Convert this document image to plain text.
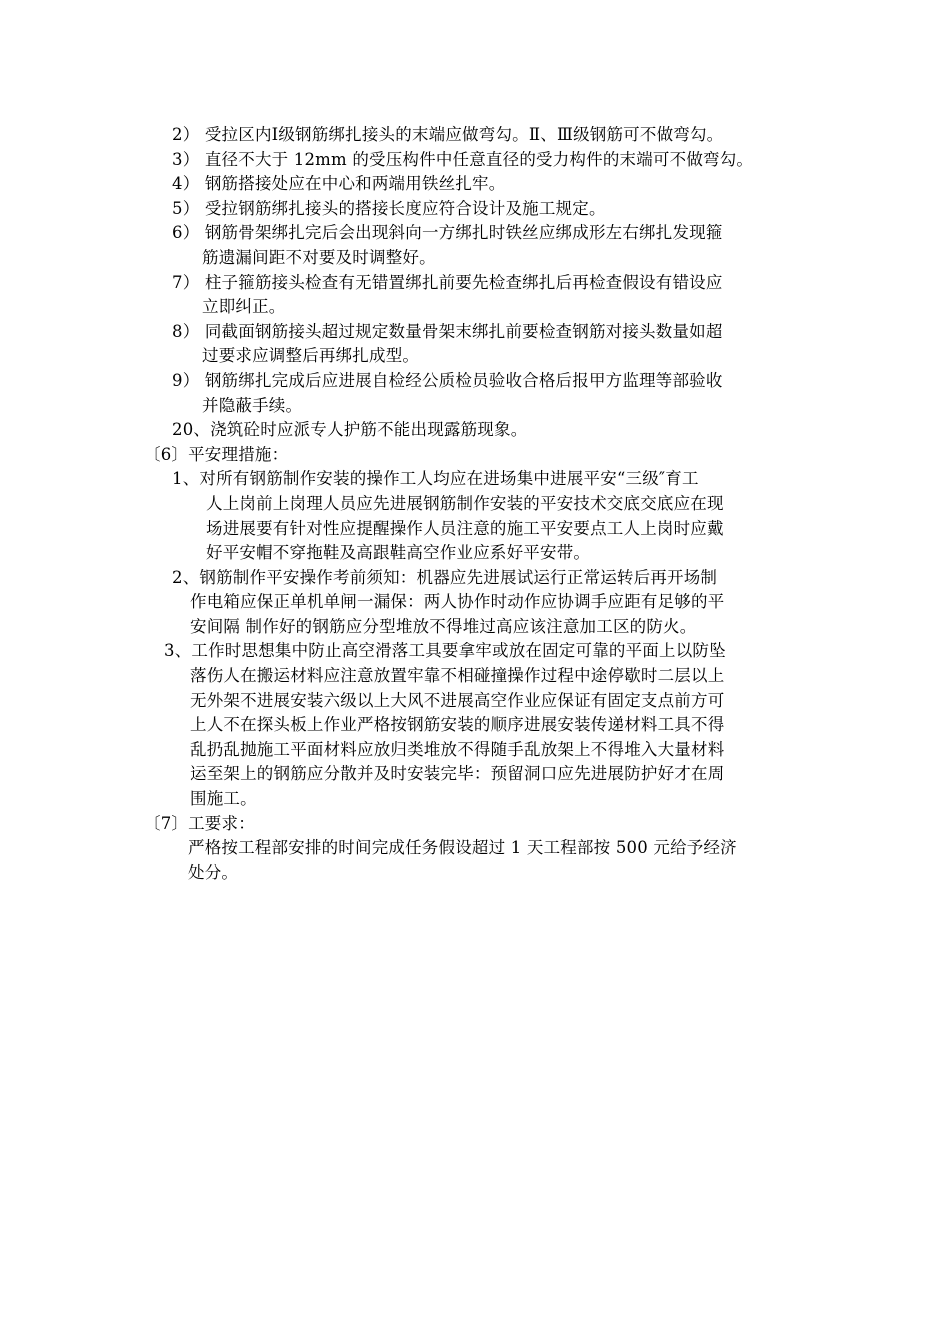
2） 受拉区内Ⅰ级钢筋绑扎接头的末端应做弯勾。Ⅱ、Ⅲ级钢筋可不做弯勾。
3） 直径不大于 12mm 的受压构件中任意直径的受力构件的末端可不做弯勾。
4） 钢筋搭接处应在中心和两端用铁丝扎牢。
5） 受拉钢筋绑扎接头的搭接长度应符合设计及施工规定。
6） 钢筋骨架绑扎完后会出现斜向一方绑扎时铁丝应绑成形左右绑扎发现箍
筋遗漏间距不对要及时调整好。
7） 柱子箍筋接头检查有无错置绑扎前要先检查绑扎后再检查假设有错设应
立即纠正。
8） 同截面钢筋接头超过规定数量骨架末绑扎前要检查钢筋对接头数量如超
过要求应调整后再绑扎成型。
9） 钢筋绑扎完成后应进展自检经公质检员验收合格后报甲方监理等部验收
并隐蔽手续。
20、浇筑砼时应派专人护筋不能出现露筋现象。
〔6〕平安理措施：
1、对所有钢筋制作安装的操作工人均应在进场集中进展平安“三级″育工
人上岗前上岗理人员应先进展钢筋制作安装的平安技术交底交底应在现
场进展要有针对性应提醒操作人员注意的施工平安要点工人上岗时应戴
好平安帽不穿拖鞋及高跟鞋高空作业应系好平安带。
2、钢筋制作平安操作考前须知：机器应先进展试运行正常运转后再开场制
作电箱应保正单机单闸一漏保：两人协作时动作应协调手应距有足够的平
安间隔 制作好的钢筋应分型堆放不得堆过高应该注意加工区的防火。
3、工作时思想集中防止高空滑落工具要拿牢或放在固定可靠的平面上以防坠
落伤人在搬运材料应注意放置牢靠不相碰撞操作过程中途停歇时二层以上
无外架不进展安装六级以上大风不进展高空作业应保证有固定支点前方可
上人不在探头板上作业严格按钢筋安装的顺序进展安装传递材料工具不得
乱扔乱抛施工平面材料应放归类堆放不得随手乱放架上不得堆入大量材料
运至架上的钢筋应分散并及时安装完毕：预留洞口应先进展防护好才在周
围施工。
〔7〕工要求：
严格按工程部安排的时间完成任务假设超过 1 天工程部按 500 元给予经济
处分。
